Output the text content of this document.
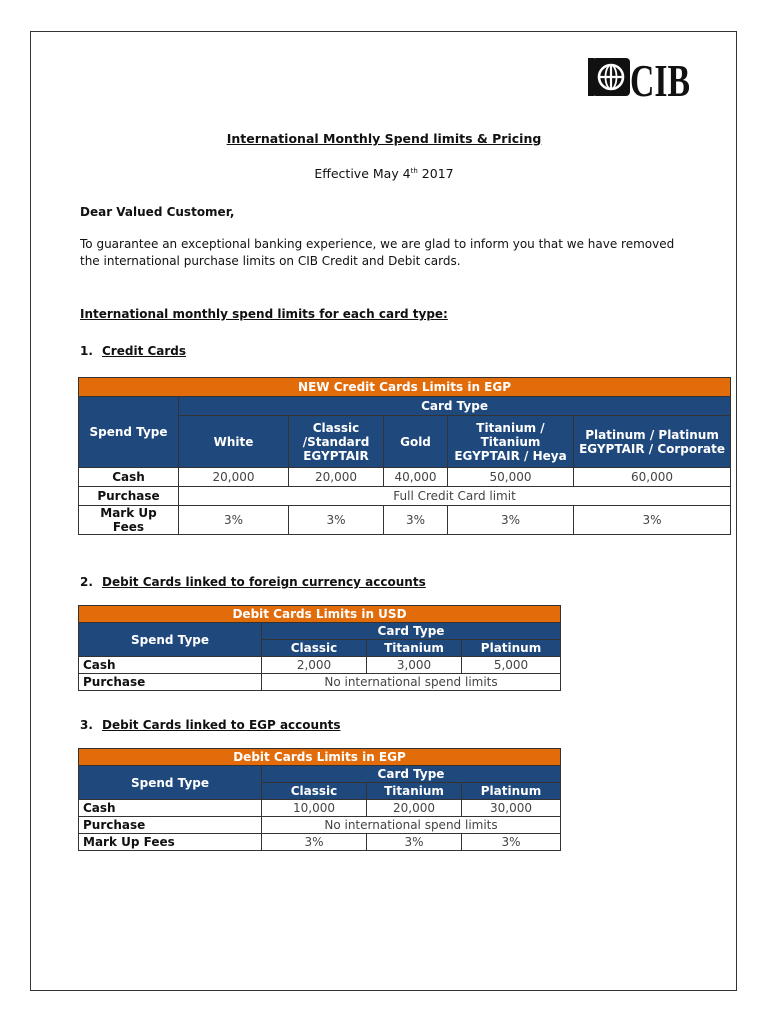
CIB
International Monthly Spend limits & Pricing
Effective May 4th 2017
Dear Valued Customer,
To guarantee an exceptional banking experience, we are glad to inform you that we have removed the international purchase limits on CIB Credit and Debit cards.
International monthly spend limits for each card type:
1. Credit Cards
NEW Credit Cards Limits in EGP					
Spend Type	Card Type				
	White	Classic /Standard EGYPTAIR	Gold	Titanium / Titanium EGYPTAIR / Heya	Platinum / Platinum EGYPTAIR / Corporate
Cash	20,000	20,000	40,000	50,000	60,000
Purchase	Full Credit Card limit				
Mark Up Fees	3%	3%	3%	3%	3%
2. Debit Cards linked to foreign currency accounts
Debit Cards Limits in USD			
Spend Type	Card Type		
	Classic	Titanium	Platinum
Cash	2,000	3,000	5,000
Purchase	No international spend limits		
3. Debit Cards linked to EGP accounts
Debit Cards Limits in EGP			
Spend Type	Card Type		
	Classic	Titanium	Platinum
Cash	10,000	20,000	30,000
Purchase	No international spend limits		
Mark Up Fees	3%	3%	3%
